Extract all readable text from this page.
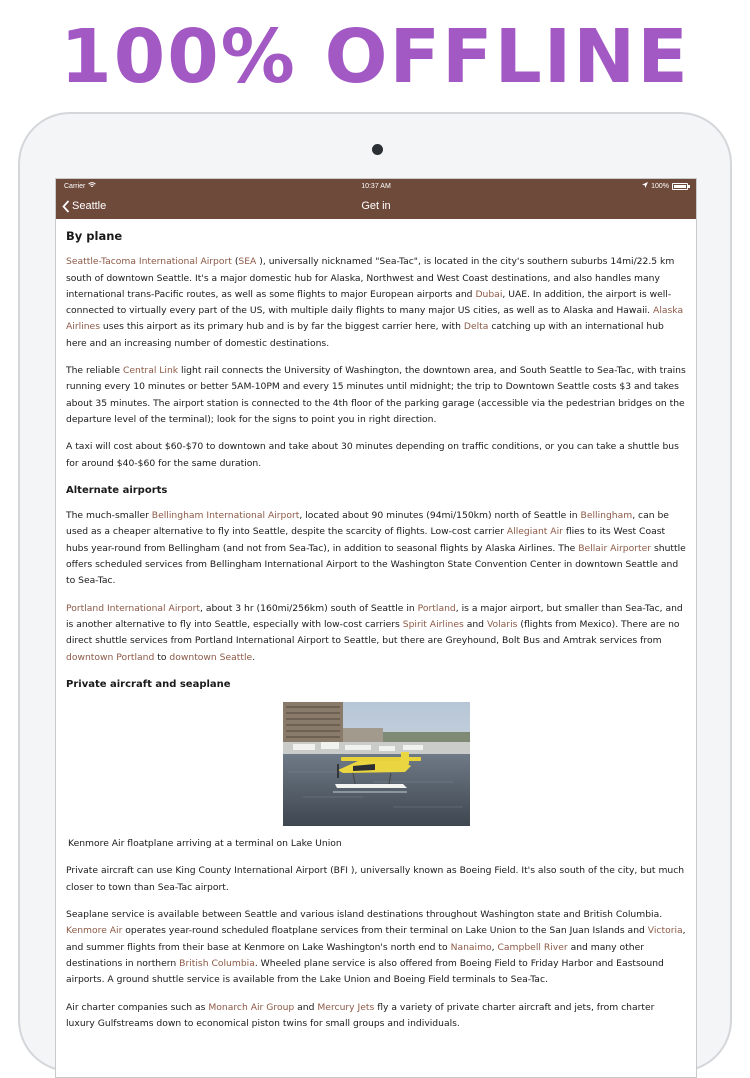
100% OFFLINE
Carrier	10:37 AM	100%
Seattle	Get in
By plane

Seattle-Tacoma International Airport (SEA ), universally nicknamed "Sea-Tac", is located in the city's southern suburbs 14mi/22.5 km south of downtown Seattle. It's a major domestic hub for Alaska, Northwest and West Coast destinations, and also handles many international trans-Pacific routes, as well as some flights to major European airports and Dubai, UAE. In addition, the airport is well-connected to virtually every part of the US, with multiple daily flights to many major US cities, as well as to Alaska and Hawaii. Alaska Airlines uses this airport as its primary hub and is by far the biggest carrier here, with Delta catching up with an international hub here and an increasing number of domestic destinations.

The reliable Central Link light rail connects the University of Washington, the downtown area, and South Seattle to Sea-Tac, with trains running every 10 minutes or better 5AM-10PM and every 15 minutes until midnight; the trip to Downtown Seattle costs $3 and takes about 35 minutes. The airport station is connected to the 4th floor of the parking garage (accessible via the pedestrian bridges on the departure level of the terminal); look for the signs to point you in right direction.

A taxi will cost about $60-$70 to downtown and take about 30 minutes depending on traffic conditions, or you can take a shuttle bus for around $40-$60 for the same duration.

Alternate airports

The much-smaller Bellingham International Airport, located about 90 minutes (94mi/150km) north of Seattle in Bellingham, can be used as a cheaper alternative to fly into Seattle, despite the scarcity of flights. Low-cost carrier Allegiant Air flies to its West Coast hubs year-round from Bellingham (and not from Sea-Tac), in addition to seasonal flights by Alaska Airlines. The Bellair Airporter shuttle offers scheduled services from Bellingham International Airport to the Washington State Convention Center in downtown Seattle and to Sea-Tac.

Portland International Airport, about 3 hr (160mi/256km) south of Seattle in Portland, is a major airport, but smaller than Sea-Tac, and is another alternative to fly into Seattle, especially with low-cost carriers Spirit Airlines and Volaris (flights from Mexico). There are no direct shuttle services from Portland International Airport to Seattle, but there are Greyhound, Bolt Bus and Amtrak services from downtown Portland to downtown Seattle.

Private aircraft and seaplane
Kenmore Air floatplane arriving at a terminal on Lake Union

Private aircraft can use King County International Airport (BFI ), universally known as Boeing Field. It's also south of the city, but much closer to town than Sea-Tac airport.

Seaplane service is available between Seattle and various island destinations throughout Washington state and British Columbia. Kenmore Air operates year-round scheduled floatplane services from their terminal on Lake Union to the San Juan Islands and Victoria, and summer flights from their base at Kenmore on Lake Washington's north end to Nanaimo, Campbell River and many other destinations in northern British Columbia. Wheeled plane service is also offered from Boeing Field to Friday Harbor and Eastsound airports. A ground shuttle service is available from the Lake Union and Boeing Field terminals to Sea-Tac.

Air charter companies such as Monarch Air Group and Mercury Jets fly a variety of private charter aircraft and jets, from charter luxury Gulfstreams down to economical piston twins for small groups and individuals.
